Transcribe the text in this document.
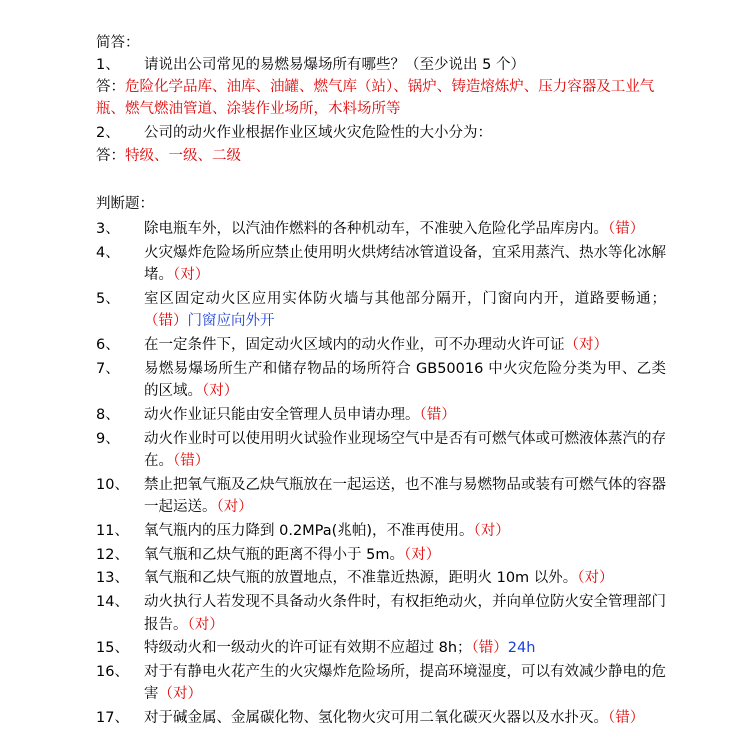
简答：
1、	请说出公司常见的易燃易爆场所有哪些？（至少说出 5 个）
答：危险化学品库、油库、油罐、燃气库（站）、锅炉、铸造熔炼炉、压力容器及工业气瓶、燃气燃油管道、涂装作业场所，木料场所等
2、	公司的动火作业根据作业区域火灾危险性的大小分为：
答：特级、一级、二级
判断题：
3、	除电瓶车外，以汽油作燃料的各种机动车，不准驶入危险化学品库房内。（错）
4、	火灾爆炸危险场所应禁止使用明火烘烤结冰管道设备，宜采用蒸汽、热水等化冰解堵。（对）
5、	室区固定动火区应用实体防火墙与其他部分隔开，门窗向内开，道路要畅通；（错）门窗应向外开
6、	在一定条件下，固定动火区域内的动火作业，可不办理动火许可证（对）
7、	易燃易爆场所生产和储存物品的场所符合 GB50016 中火灾危险分类为甲、乙类的区域。（对）
8、	动火作业证只能由安全管理人员申请办理。（错）
9、	动火作业时可以使用明火试验作业现场空气中是否有可燃气体或可燃液体蒸汽的存在。（错）
10、	禁止把氧气瓶及乙炔气瓶放在一起运送，也不准与易燃物品或装有可燃气体的容器一起运送。（对）
11、	氧气瓶内的压力降到 0.2MPa(兆帕)，不准再使用。（对）
12、	氧气瓶和乙炔气瓶的距离不得小于 5m。（对）
13、	氧气瓶和乙炔气瓶的放置地点，不准靠近热源，距明火 10m 以外。（对）
14、	动火执行人若发现不具备动火条件时，有权拒绝动火，并向单位防火安全管理部门报告。（对）
15、	特级动火和一级动火的许可证有效期不应超过 8h；（错）24h
16、	对于有静电火花产生的火灾爆炸危险场所，提高环境湿度，可以有效减少静电的危害（对）
17、	对于碱金属、金属碳化物、氢化物火灾可用二氧化碳灭火器以及水扑灭。（错）
